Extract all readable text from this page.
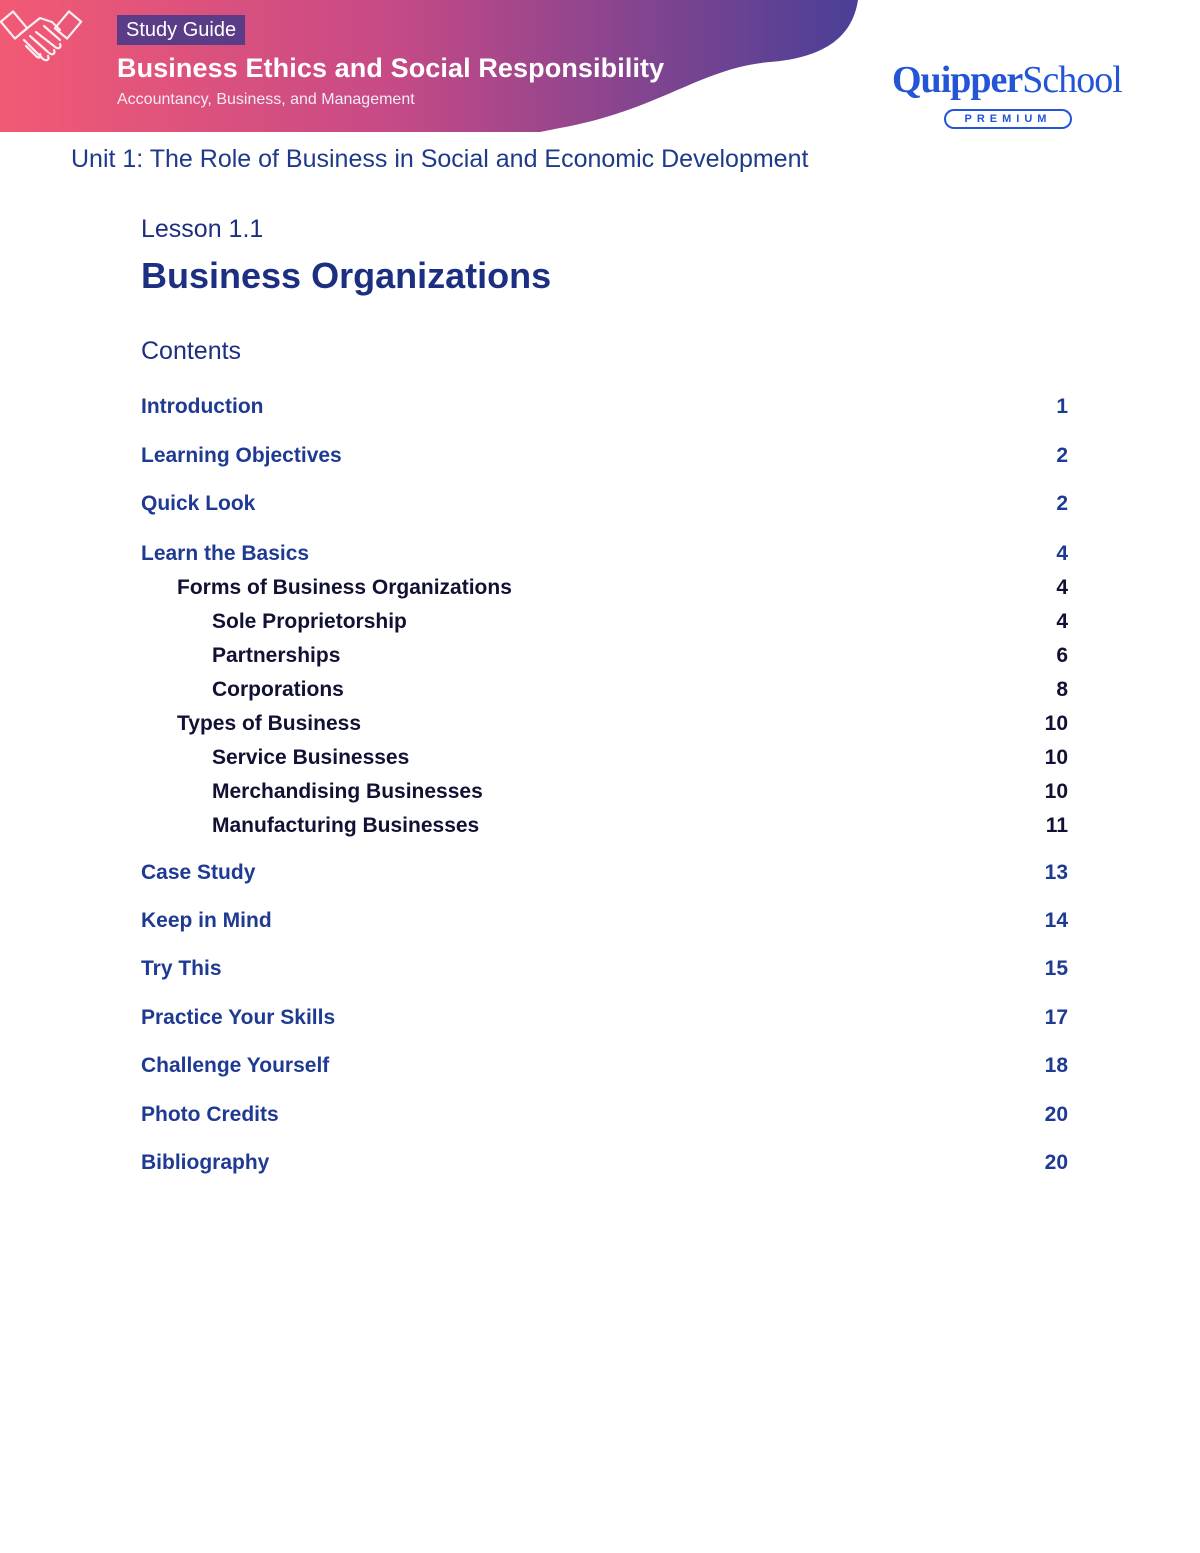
Study Guide
Business Ethics and Social Responsibility
Accountancy, Business, and Management	QuipperSchool
PREMIUM
Unit 1: The Role of Business in Social and Economic Development
Lesson 1.1
Business Organizations
Contents
Introduction	1
Learning Objectives	2
Quick Look	2
Learn the Basics	4
Forms of Business Organizations	4
Sole Proprietorship	4
Partnerships	6
Corporations	8
Types of Business	10
Service Businesses	10
Merchandising Businesses	10
Manufacturing Businesses	11
Case Study	13
Keep in Mind	14
Try This	15
Practice Your Skills	17
Challenge Yourself	18
Photo Credits	20
Bibliography	20
